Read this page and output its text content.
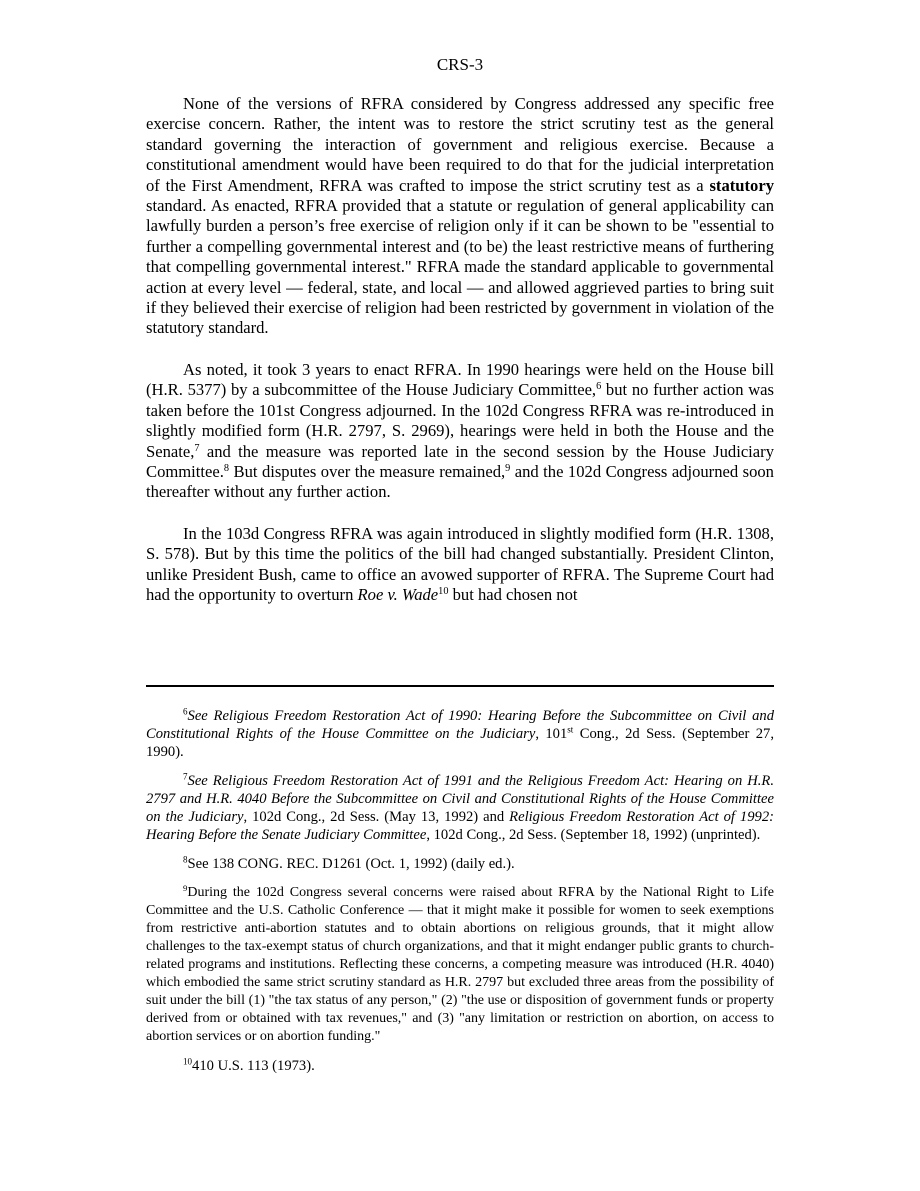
CRS-3

None of the versions of RFRA considered by Congress addressed any specific free exercise concern. Rather, the intent was to restore the strict scrutiny test as the general standard governing the interaction of government and religious exercise. Because a constitutional amendment would have been required to do that for the judicial interpretation of the First Amendment, RFRA was crafted to impose the strict scrutiny test as a statutory standard. As enacted, RFRA provided that a statute or regulation of general applicability can lawfully burden a person’s free exercise of religion only if it can be shown to be "essential to further a compelling governmental interest and (to be) the least restrictive means of furthering that compelling governmental interest." RFRA made the standard applicable to governmental action at every level — federal, state, and local — and allowed aggrieved parties to bring suit if they believed their exercise of religion had been restricted by government in violation of the statutory standard.

As noted, it took 3 years to enact RFRA. In 1990 hearings were held on the House bill (H.R. 5377) by a subcommittee of the House Judiciary Committee,$^6$ but no further action was taken before the 101st Congress adjourned. In the 102d Congress RFRA was re-introduced in slightly modified form (H.R. 2797, S. 2969), hearings were held in both the House and the Senate,$^7$ and the measure was reported late in the second session by the House Judiciary Committee.$^8$ But disputes over the measure remained,$^9$ and the 102d Congress adjourned soon thereafter without any further action.

In the 103d Congress RFRA was again introduced in slightly modified form (H.R. 1308, S. 578). But by this time the politics of the bill had changed substantially. President Clinton, unlike President Bush, came to office an avowed supporter of RFRA. The Supreme Court had had the opportunity to overturn Roe v. Wade$^{10}$ but had chosen not

$^6$See Religious Freedom Restoration Act of 1990: Hearing Before the Subcommittee on Civil and Constitutional Rights of the House Committee on the Judiciary, 101st Cong., 2d Sess. (September 27, 1990).

$^7$See Religious Freedom Restoration Act of 1991 and the Religious Freedom Act: Hearing on H.R. 2797 and H.R. 4040 Before the Subcommittee on Civil and Constitutional Rights of the House Committee on the Judiciary, 102d Cong., 2d Sess. (May 13, 1992) and Religious Freedom Restoration Act of 1992: Hearing Before the Senate Judiciary Committee, 102d Cong., 2d Sess. (September 18, 1992) (unprinted).

$^8$See 138 CONG. REC. D1261 (Oct. 1, 1992) (daily ed.).

$^9$During the 102d Congress several concerns were raised about RFRA by the National Right to Life Committee and the U.S. Catholic Conference — that it might make it possible for women to seek exemptions from restrictive anti-abortion statutes and to obtain abortions on religious grounds, that it might allow challenges to the tax-exempt status of church organizations, and that it might endanger public grants to church-related programs and institutions. Reflecting these concerns, a competing measure was introduced (H.R. 4040) which embodied the same strict scrutiny standard as H.R. 2797 but excluded three areas from the possibility of suit under the bill (1) "the tax status of any person," (2) "the use or disposition of government funds or property derived from or obtained with tax revenues," and (3) "any limitation or restriction on abortion, on access to abortion services or on abortion funding."

$^{10}$410 U.S. 113 (1973).
